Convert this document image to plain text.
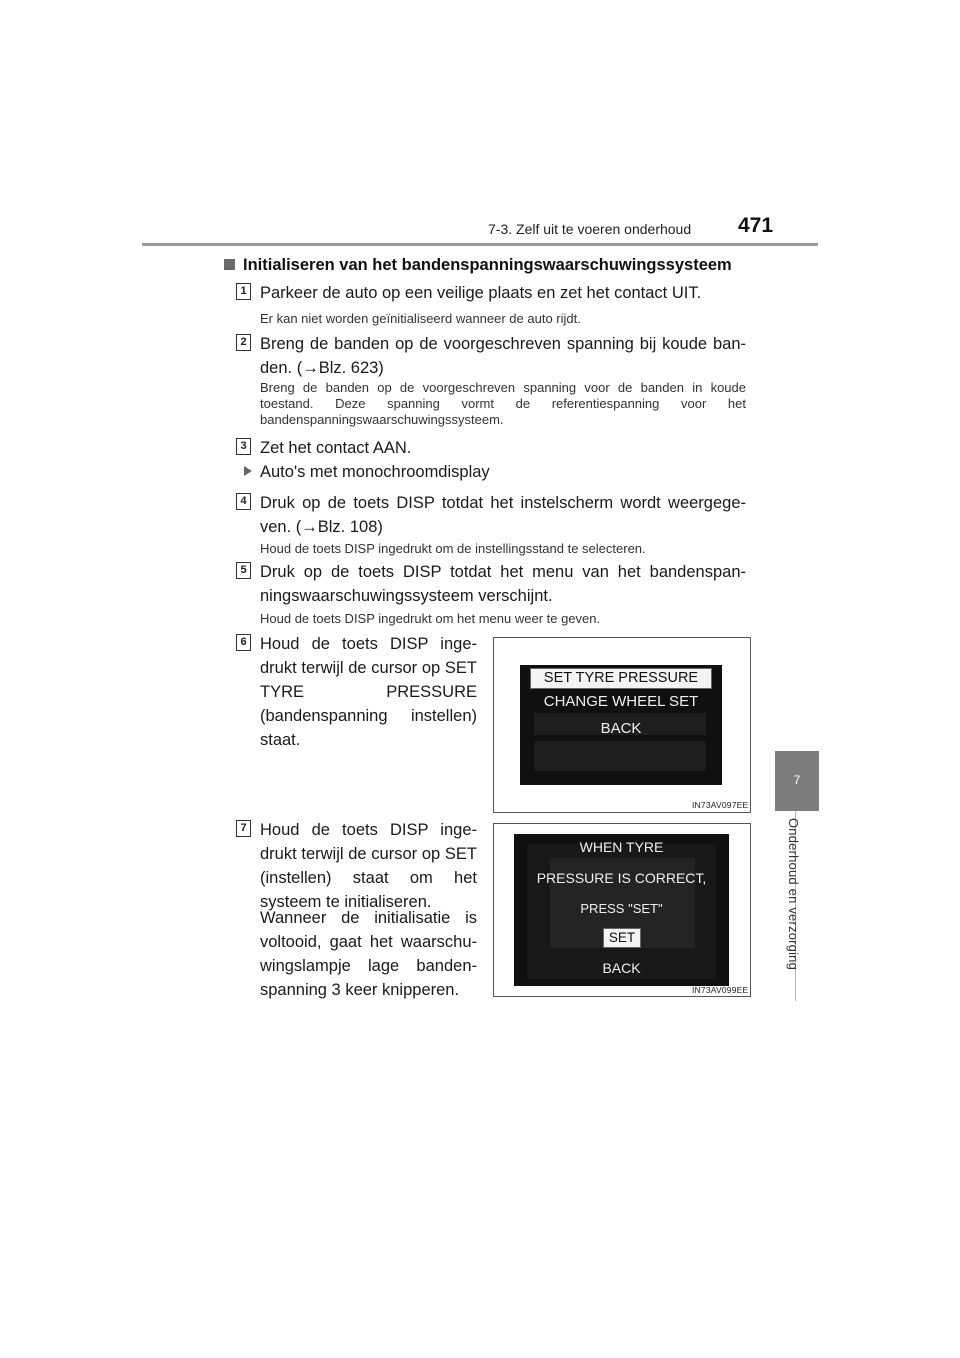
7-3. Zelf uit te voeren onderhoud 471
7
Onderhoud en verzorging
Initialiseren van het bandenspanningswaarschuwingssysteem
1 Parkeer de auto op een veilige plaats en zet het contact UIT.
Er kan niet worden geïnitialiseerd wanneer de auto rijdt.
2 Breng de banden op de voorgeschreven spanning bij koude ban-den. (→Blz. 623)
Breng de banden op de voorgeschreven spanning voor de banden in koude toestand. Deze spanning vormt de referentiespanning voor het bandenspanningswaarschuwingssysteem.
3 Zet het contact AAN.
Auto's met monochroomdisplay
4 Druk op de toets DISP totdat het instelscherm wordt weergege-ven. (→Blz. 108)
Houd de toets DISP ingedrukt om de instellingsstand te selecteren.
5 Druk op de toets DISP totdat het menu van het bandenspan-ningswaarschuwingssysteem verschijnt.
Houd de toets DISP ingedrukt om het menu weer te geven.
6 Houd de toets DISP inge-drukt terwijl de cursor op SET TYRE PRESSURE (bandenspanning instellen) staat.
SET TYRE PRESSURE
CHANGE WHEEL SET
BACK
IN73AV097EE
7 Houd de toets DISP inge-drukt terwijl de cursor op SET (instellen) staat om het systeem te initialiseren.
Wanneer de initialisatie is voltooid, gaat het waarschu-wingslampje lage banden-spanning 3 keer knipperen.
WHEN TYRE
PRESSURE IS CORRECT,
PRESS "SET"
SET
BACK
IN73AV099EE
